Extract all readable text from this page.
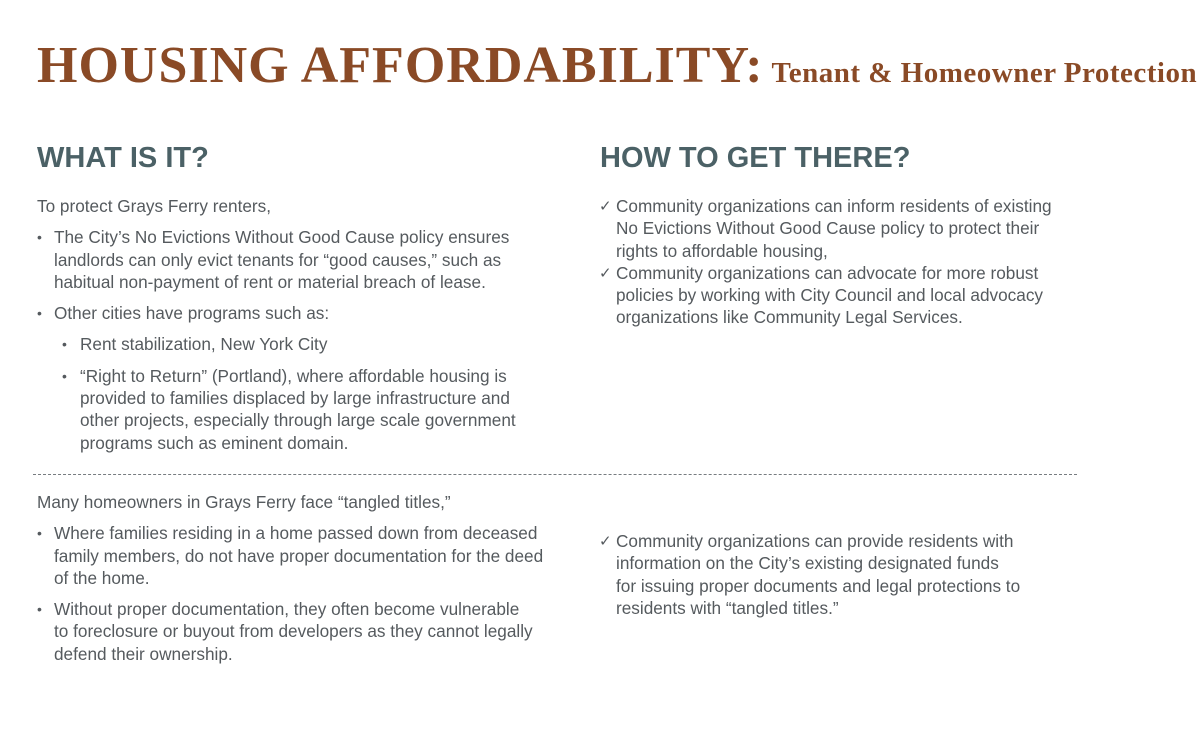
HOUSING AFFORDABILITY: Tenant & Homeowner Protection
WHAT IS IT?	HOW TO GET THERE?

To protect Grays Ferry renters,

• The City’s No Evictions Without Good Cause policy ensures
landlords can only evict tenants for “good causes,” such as
habitual non-payment of rent or material breach of lease.
• Other cities have programs such as:
• Rent stabilization, New York City
• “Right to Return” (Portland), where affordable housing is
provided to families displaced by large infrastructure and
other projects, especially through large scale government
programs such as eminent domain.
✓ Community organizations can inform residents of existing
No Evictions Without Good Cause policy to protect their
rights to affordable housing,
✓ Community organizations can advocate for more robust
policies by working with City Council and local advocacy
organizations like Community Legal Services.

Many homeowners in Grays Ferry face “tangled titles,”

• Where families residing in a home passed down from deceased
family members, do not have proper documentation for the deed
of the home.
• Without proper documentation, they often become vulnerable
to foreclosure or buyout from developers as they cannot legally
defend their ownership.
✓ Community organizations can provide residents with
information on the City’s existing designated funds
for issuing proper documents and legal protections to
residents with “tangled titles.”
